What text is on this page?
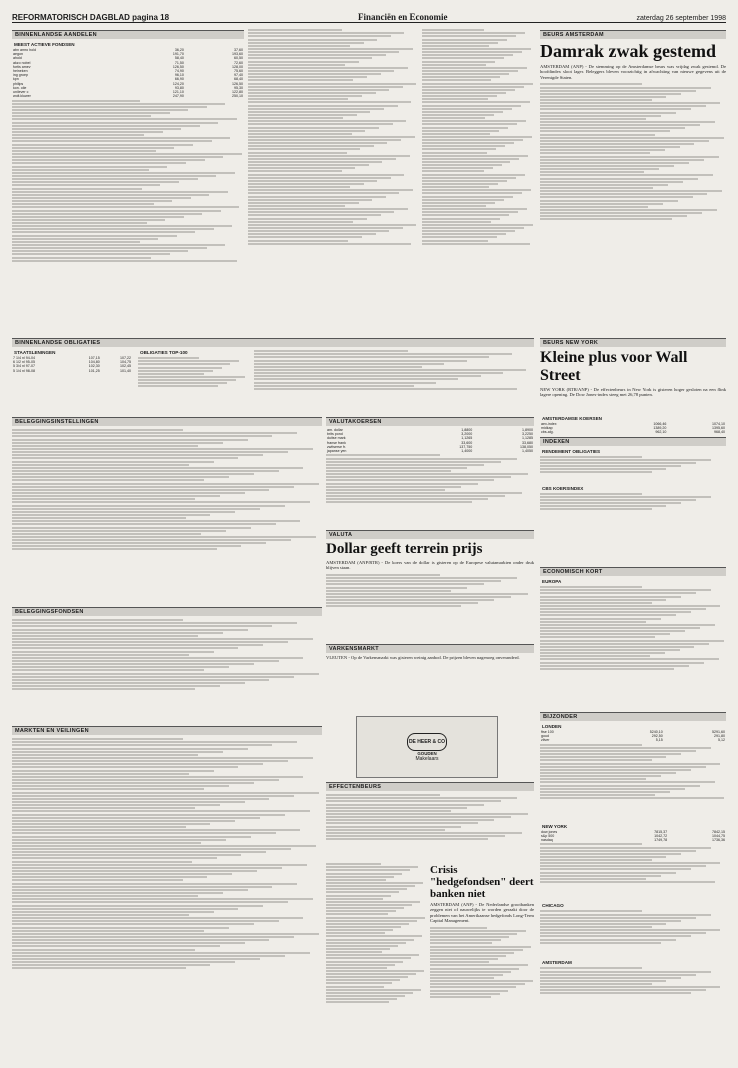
REFORMATORISCH DAGBLAD pagina 18	Financiën en Economie	zaterdag 26 september 1998
BINNENLANDSE AANDELEN
MEEST ACTIEVE FONDSEN
abn amro hold	36,20	37,60
aegon	191,70	193,60
ahold	58,40	60,50
akzo nobel	71,50	72,60
fortis amev	126,50	128,00
heineken	74,90	75,60
ing groep	96,10	97,40
kpn	66,90	68,40
philips	124,20	126,50
kon. olie	93,80	95,30
unilever c	121,10	122,80
wolt.kluwer	247,90	250,10
BEURS AMSTERDAM
Damrak zwak gestemd
AMSTERDAM (ANP) - De stemming op de Amsterdamse beurs was vrijdag zwak gestemd. De hoofdindex sloot lager. Beleggers bleven voorzichtig in afwachting van nieuwe gegevens uit de Verenigde Staten.
BINNENLANDSE OBLIGATIES
STAATSLENINGEN
7 1/4 nl 94-04	107,15	107,22
6 1/2 nl 95-05	104,80	104,75
5 3/4 nl 97-07	102,30	102,45
5 1/4 nl 98-08	101,25	101,40
OBLIGATIES TOP-100
BEURS NEW YORK
Kleine plus voor Wall Street
NEW YORK (RTR/ANP) - De effectenbeurs in New York is gisteren hoger gesloten na een flink lagere opening. De Dow Jones-index steeg met 26,78 punten.
BELEGGINGSINSTELLINGEN	VALUTAKOERSEN
am. dollar	1,8800	1,8900
brits pond	3,2000	3,2250
duitse mark	1,1265	1,1285
franse frank	33,600	33,680
zwitserse fr.	137,750	138,050
japanse yen	1,4000	1,4050
VALUTA
Dollar geeft terrein prijs
AMSTERDAM (ANP/RTR) - De koers van de dollar is gisteren op de Europese valutamarkten onder druk blijven staan.
AMSTERDAMSE KOERSEN
aex-index	1066,46	1074,10
midkap	1389,20	1395,60
cbs-alg.	962,10	968,40
INDEXEN
RENDEMENT OBLIGATIES
CBS KOERSINDEX
ECONOMISCH KORT
EUROPA
BELEGGINGSFONDSEN
VARKENSMARKT
VLEUTEN - Op de Varkensmarkt was gisteren weinig aanbod. De prijzen bleven nagenoeg onveranderd.
DE HEER & CO
GOUDEN
Makelaars
MARKTEN EN VEILINGEN
EFFECTENBEURS
Crisis "hedgefondsen" deert banken niet
AMSTERDAM (ANP) - De Nederlandse grootbanken zeggen niet of nauwelijks te worden geraakt door de problemen van het Amerikaanse hedgefonds Long-Term Capital Management.
BIJZONDER
LONDEN
ftse 100	5240,10	5291,60
goud	292,50	291,80
zilver	5,15	5,12
NEW YORK
dow jones	7815,37	7842,15
s&p 500	1042,72	1044,75
nasdaq	1749,78	1736,36
CHICAGO
AMSTERDAM
